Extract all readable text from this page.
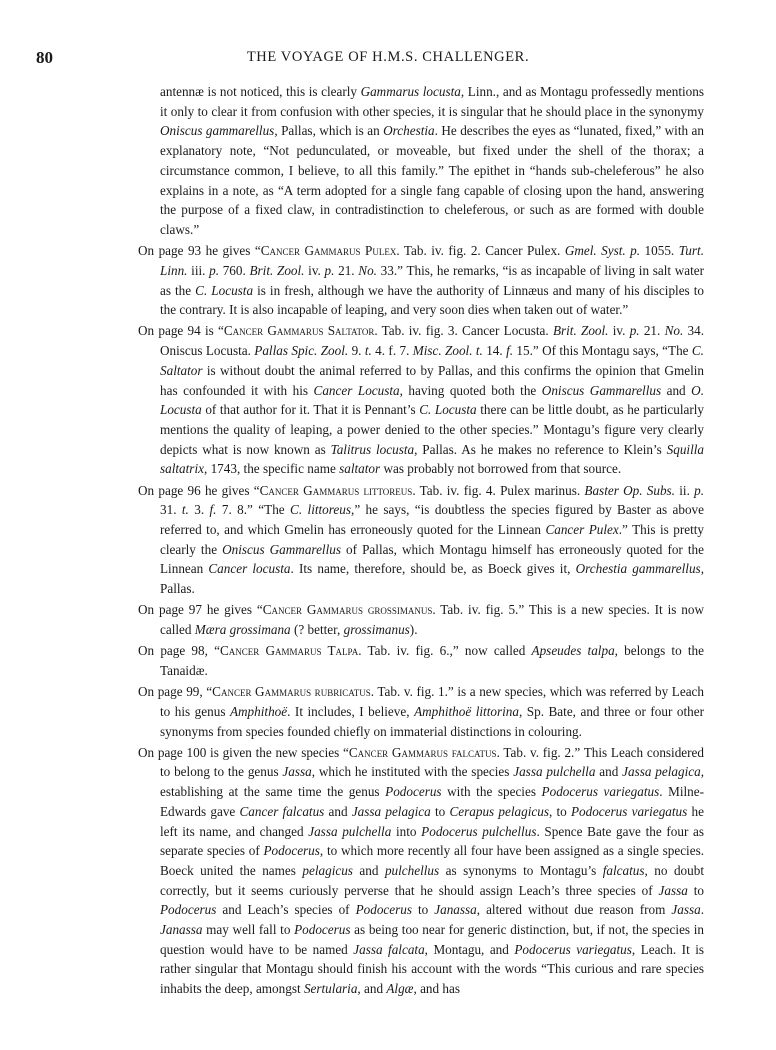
80	THE VOYAGE OF H.M.S. CHALLENGER.

antennæ is not noticed, this is clearly Gammarus locusta, Linn., and as Montagu professedly mentions it only to clear it from confusion with other species, it is singular that he should place in the synonymy Oniscus gammarellus, Pallas, which is an Orchestia. He describes the eyes as “lunated, fixed,” with an explanatory note, “Not pedunculated, or moveable, but fixed under the shell of the thorax; a circumstance common, I believe, to all this family.” The epithet in “hands sub-cheleferous” he also explains in a note, as “A term adopted for a single fang capable of closing upon the hand, answering the purpose of a fixed claw, in contradistinction to cheleferous, or such as are formed with double claws.”

On page 93 he gives “Cancer Gammarus Pulex. Tab. iv. fig. 2. Cancer Pulex. Gmel. Syst. p. 1055. Turt. Linn. iii. p. 760. Brit. Zool. iv. p. 21. No. 33.” This, he remarks, “is as incapable of living in salt water as the C. Locusta is in fresh, although we have the authority of Linnæus and many of his disciples to the contrary. It is also incapable of leaping, and very soon dies when taken out of water.”

On page 94 is “Cancer Gammarus Saltator. Tab. iv. fig. 3. Cancer Locusta. Brit. Zool. iv. p. 21. No. 34. Oniscus Locusta. Pallas Spic. Zool. 9. t. 4. f. 7. Misc. Zool. t. 14. f. 15.” Of this Montagu says, “The C. Saltator is without doubt the animal referred to by Pallas, and this confirms the opinion that Gmelin has confounded it with his Cancer Locusta, having quoted both the Oniscus Gammarellus and O. Locusta of that author for it. That it is Pennant’s C. Locusta there can be little doubt, as he particularly mentions the quality of leaping, a power denied to the other species.” Montagu’s figure very clearly depicts what is now known as Talitrus locusta, Pallas. As he makes no reference to Klein’s Squilla saltatrix, 1743, the specific name saltator was probably not borrowed from that source.

On page 96 he gives “Cancer Gammarus littoreus. Tab. iv. fig. 4. Pulex marinus. Baster Op. Subs. ii. p. 31. t. 3. f. 7. 8.” “The C. littoreus,” he says, “is doubtless the species figured by Baster as above referred to, and which Gmelin has erroneously quoted for the Linnean Cancer Pulex.” This is pretty clearly the Oniscus Gammarellus of Pallas, which Montagu himself has erroneously quoted for the Linnean Cancer locusta. Its name, therefore, should be, as Boeck gives it, Orchestia gammarellus, Pallas.

On page 97 he gives “Cancer Gammarus grossimanus. Tab. iv. fig. 5.” This is a new species. It is now called Mæra grossimana (? better, grossimanus).

On page 98, “Cancer Gammarus Talpa. Tab. iv. fig. 6.,” now called Apseudes talpa, belongs to the Tanaidæ.

On page 99, “Cancer Gammarus rubricatus. Tab. v. fig. 1.” is a new species, which was referred by Leach to his genus Amphithoë. It includes, I believe, Amphithoë littorina, Sp. Bate, and three or four other synonyms from species founded chiefly on immaterial distinctions in colouring.

On page 100 is given the new species “Cancer Gammarus falcatus. Tab. v. fig. 2.” This Leach considered to belong to the genus Jassa, which he instituted with the species Jassa pulchella and Jassa pelagica, establishing at the same time the genus Podocerus with the species Podocerus variegatus. Milne-Edwards gave Cancer falcatus and Jassa pelagica to Cerapus pelagicus, to Podocerus variegatus he left its name, and changed Jassa pulchella into Podocerus pulchellus. Spence Bate gave the four as separate species of Podocerus, to which more recently all four have been assigned as a single species. Boeck united the names pelagicus and pulchellus as synonyms to Montagu’s falcatus, no doubt correctly, but it seems curiously perverse that he should assign Leach’s three species of Jassa to Podocerus and Leach’s species of Podocerus to Janassa, altered without due reason from Jassa. Janassa may well fall to Podocerus as being too near for generic distinction, but, if not, the species in question would have to be named Jassa falcata, Montagu, and Podocerus variegatus, Leach. It is rather singular that Montagu should finish his account with the words “This curious and rare species inhabits the deep, amongst Sertularia, and Algæ, and has
